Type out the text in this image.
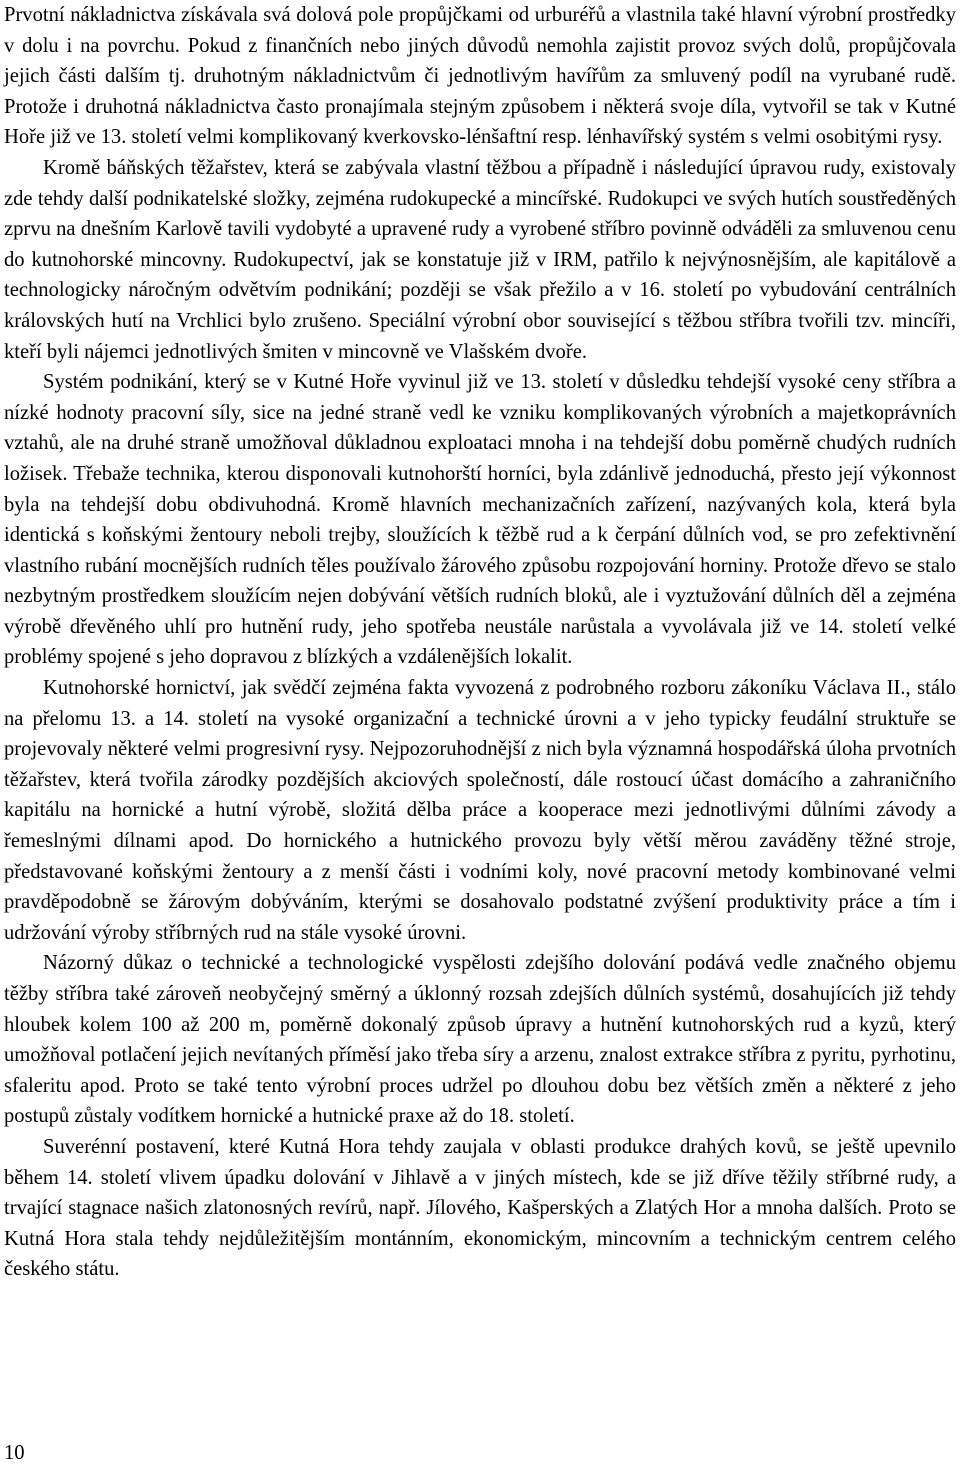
Prvotní nákladnictva získávala svá dolová pole propůjčkami od urburéřů a vlastnila také hlavní výrobní prostředky v dolu i na povrchu. Pokud z finančních nebo jiných důvodů nemohla zajistit provoz svých dolů, propůjčovala jejich části dalším tj. druhotným nákladnictvům či jednotlivým havířům za smluvený podíl na vyrubané rudě. Protože i druhotná nákladnictva často pronajímala stejným způsobem i některá svoje díla, vytvořil se tak v Kutné Hoře již ve 13. století velmi komplikovaný kverkovsko-lénšaftní resp. lénhavířský systém s velmi osobitými rysy.

Kromě báňských těžařstev, která se zabývala vlastní těžbou a případně i následující úpravou rudy, existovaly zde tehdy další podnikatelské složky, zejména rudokupecké a mincířské. Rudokupci ve svých hutích soustředěných zprvu na dnešním Karlově tavili vydobyté a upravené rudy a vyrobené stříbro povinně odváděli za smluvenou cenu do kutnohorské mincovny. Rudokupectví, jak se konstatuje již v IRM, patřilo k nejvýnosnějším, ale kapitálově a technologicky náročným odvětvím podnikání; později se však přežilo a v 16. století po vybudování centrálních královských hutí na Vrchlici bylo zrušeno. Speciální výrobní obor související s těžbou stříbra tvořili tzv. mincíři, kteří byli nájemci jednotlivých šmiten v mincovně ve Vlašském dvoře.

Systém podnikání, který se v Kutné Hoře vyvinul již ve 13. století v důsledku tehdejší vysoké ceny stříbra a nízké hodnoty pracovní síly, sice na jedné straně vedl ke vzniku komplikovaných výrobních a majetkoprávních vztahů, ale na druhé straně umožňoval důkladnou exploataci mnoha i na tehdejší dobu poměrně chudých rudních ložisek. Třebaže technika, kterou disponovali kutnohorští horníci, byla zdánlivě jednoduchá, přesto její výkonnost byla na tehdejší dobu obdivuhodná. Kromě hlavních mechanizačních zařízení, nazývaných kola, která byla identická s koňskými žentoury neboli trejby, sloužících k těžbě rud a k čerpání důlních vod, se pro zefektivnění vlastního rubání mocnějších rudních těles používalo žárového způsobu rozpojování horniny. Protože dřevo se stalo nezbytným prostředkem sloužícím nejen dobývání větších rudních bloků, ale i vyztužování důlních děl a zejména výrobě dřevěného uhlí pro hutnění rudy, jeho spotřeba neustále narůstala a vyvolávala již ve 14. století velké problémy spojené s jeho dopravou z blízkých a vzdálenějších lokalit.

Kutnohorské hornictví, jak svědčí zejména fakta vyvozená z podrobného rozboru zákoníku Václava II., stálo na přelomu 13. a 14. století na vysoké organizační a technické úrovni a v jeho typicky feudální struktuře se projevovaly některé velmi progresivní rysy. Nejpozoruhodnější z nich byla významná hospodářská úloha prvotních těžařstev, která tvořila zárodky pozdějších akciových společností, dále rostoucí účast domácího a zahraničního kapitálu na hornické a hutní výrobě, složitá dělba práce a kooperace mezi jednotlivými důlními závody a řemeslnými dílnami apod. Do hornického a hutnického provozu byly větší měrou zaváděny těžné stroje, představované koňskými žentoury a z menší části i vodními koly, nové pracovní metody kombinované velmi pravděpodobně se žárovým dobýváním, kterými se dosahovalo podstatné zvýšení produktivity práce a tím i udržování výroby stříbrných rud na stále vysoké úrovni.

Názorný důkaz o technické a technologické vyspělosti zdejšího dolování podává vedle značného objemu těžby stříbra také zároveň neobyčejný směrný a úklonný rozsah zdejších důlních systémů, dosahujících již tehdy hloubek kolem 100 až 200 m, poměrně dokonalý způsob úpravy a hutnění kutnohorských rud a kyzů, který umožňoval potlačení jejich nevítaných příměsí jako třeba síry a arzenu, znalost extrakce stříbra z pyritu, pyrhotinu, sfaleritu apod. Proto se také tento výrobní proces udržel po dlouhou dobu bez větších změn a některé z jeho postupů zůstaly vodítkem hornické a hutnické praxe až do 18. století.

Suverénní postavení, které Kutná Hora tehdy zaujala v oblasti produkce drahých kovů, se ještě upevnilo během 14. století vlivem úpadku dolování v Jihlavě a v jiných místech, kde se již dříve těžily stříbrné rudy, a trvající stagnace našich zlatonosných revírů, např. Jílového, Kašperských a Zlatých Hor a mnoha dalších. Proto se Kutná Hora stala tehdy nejdůležitějším montánním, ekonomickým, mincovním a technickým centrem celého českého státu.

10
